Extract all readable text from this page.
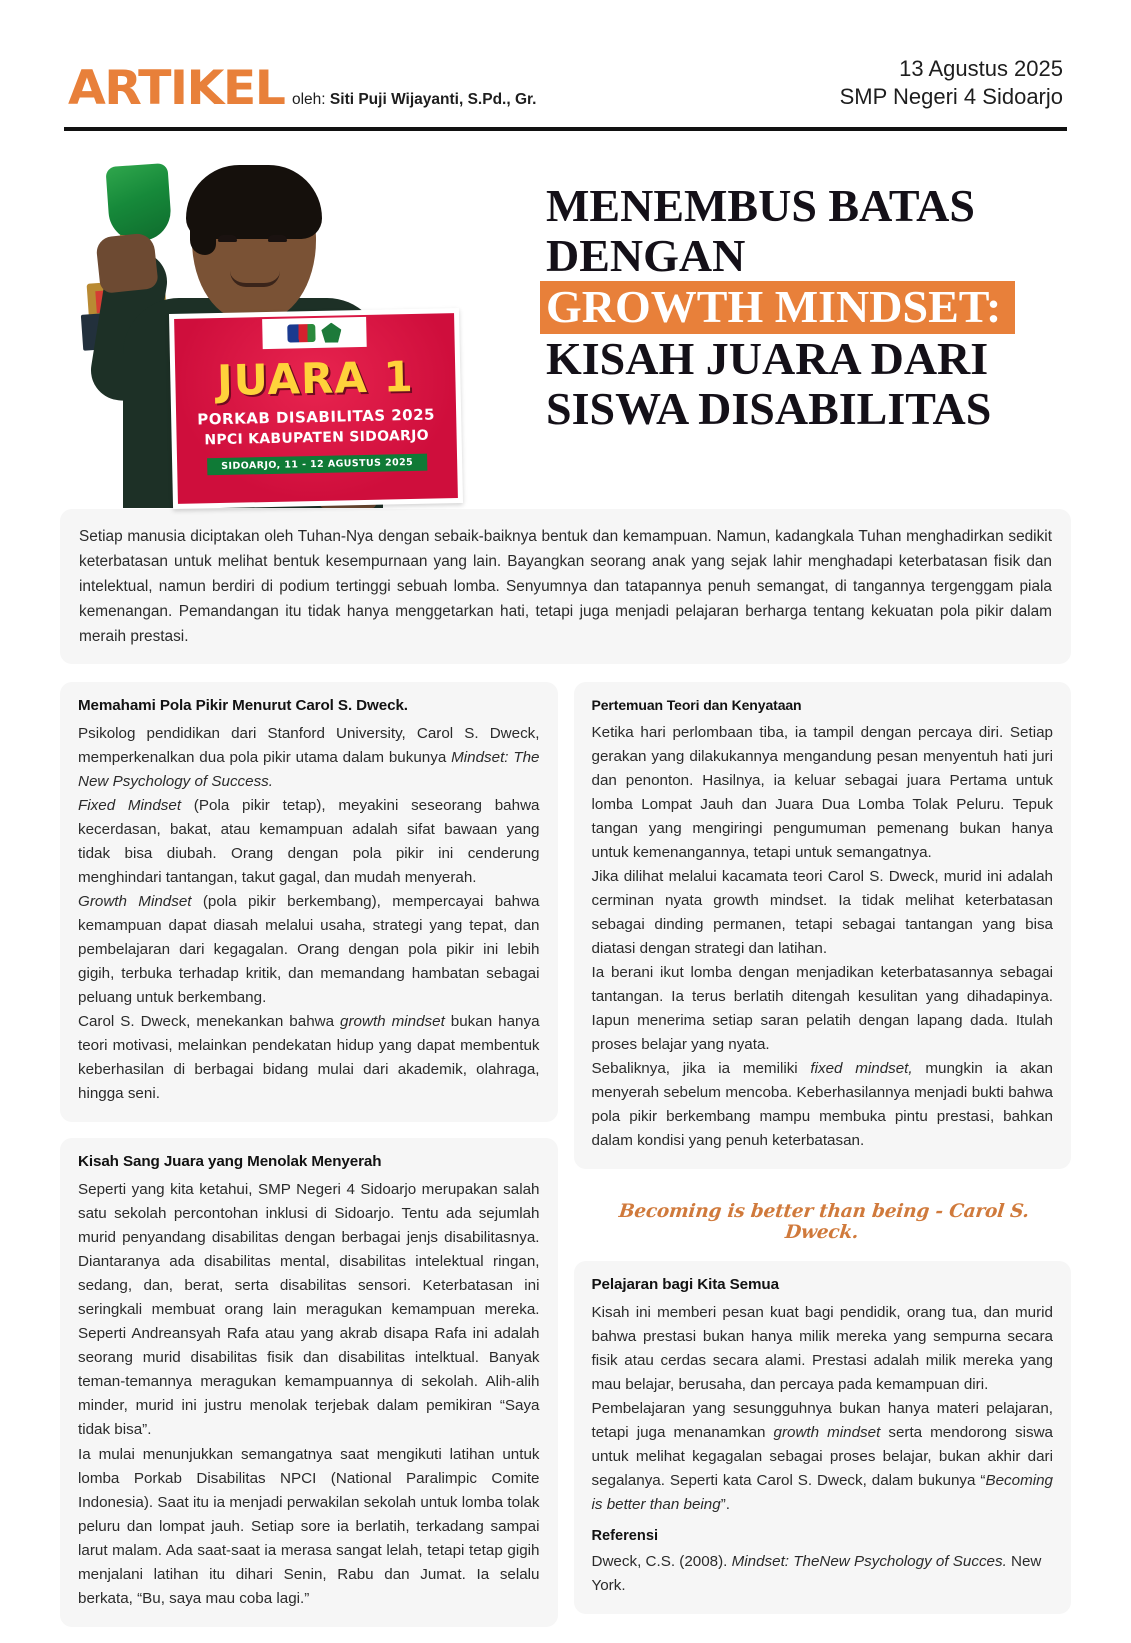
ARTIKEL oleh: Siti Puji Wijayanti, S.Pd., Gr.
13 Agustus 2025
SMP Negeri 4 Sidoarjo
JUARA 1
PORKAB DISABILITAS 2025
NPCI KABUPATEN SIDOARJO
SIDOARJO, 11 - 12 AGUSTUS 2025
MENEMBUS BATAS
DENGAN
GROWTH MINDSET:
KISAH JUARA DARI
SISWA DISABILITAS
Setiap manusia diciptakan oleh Tuhan-Nya dengan sebaik-baiknya bentuk dan kemampuan. Namun, kadangkala Tuhan menghadirkan sedikit keterbatasan untuk melihat bentuk kesempurnaan yang lain. Bayangkan seorang anak yang sejak lahir menghadapi keterbatasan fisik dan intelektual, namun berdiri di podium tertinggi sebuah lomba. Senyumnya dan tatapannya penuh semangat, di tangannya tergenggam piala kemenangan. Pemandangan itu tidak hanya menggetarkan hati, tetapi juga menjadi pelajaran berharga tentang kekuatan pola pikir dalam meraih prestasi.
Memahami Pola Pikir Menurut Carol S. Dweck.

Psikolog pendidikan dari Stanford University, Carol S. Dweck, memperkenalkan dua pola pikir utama dalam bukunya Mindset: The New Psychology of Success.

Fixed Mindset (Pola pikir tetap), meyakini seseorang bahwa kecerdasan, bakat, atau kemampuan adalah sifat bawaan yang tidak bisa diubah. Orang dengan pola pikir ini cenderung menghindari tantangan, takut gagal, dan mudah menyerah.

Growth Mindset (pola pikir berkembang), mempercayai bahwa kemampuan dapat diasah melalui usaha, strategi yang tepat, dan pembelajaran dari kegagalan. Orang dengan pola pikir ini lebih gigih, terbuka terhadap kritik, dan memandang hambatan sebagai peluang untuk berkembang.

Carol S. Dweck, menekankan bahwa growth mindset bukan hanya teori motivasi, melainkan pendekatan hidup yang dapat membentuk keberhasilan di berbagai bidang mulai dari akademik, olahraga, hingga seni.

Kisah Sang Juara yang Menolak Menyerah

Seperti yang kita ketahui, SMP Negeri 4 Sidoarjo merupakan salah satu sekolah percontohan inklusi di Sidoarjo. Tentu ada sejumlah murid penyandang disabilitas dengan berbagai jenjs disabilitasnya. Diantaranya ada disabilitas mental, disabilitas intelektual ringan, sedang, dan, berat, serta disabilitas sensori. Keterbatasan ini seringkali membuat orang lain meragukan kemampuan mereka. Seperti Andreansyah Rafa atau yang akrab disapa Rafa ini adalah seorang murid disabilitas fisik dan disabilitas intelktual. Banyak teman-temannya meragukan kemampuannya di sekolah. Alih-alih minder, murid ini justru menolak terjebak dalam pemikiran “Saya tidak bisa”.

Ia mulai menunjukkan semangatnya saat mengikuti latihan untuk lomba Porkab Disabilitas NPCI (National Paralimpic Comite Indonesia). Saat itu ia menjadi perwakilan sekolah untuk lomba tolak peluru dan lompat jauh. Setiap sore ia berlatih, terkadang sampai larut malam. Ada saat-saat ia merasa sangat lelah, tetapi tetap gigih menjalani latihan itu dihari Senin, Rabu dan Jumat. Ia selalu berkata, “Bu, saya mau coba lagi.”

Pertemuan Teori dan Kenyataan

Ketika hari perlombaan tiba, ia tampil dengan percaya diri. Setiap gerakan yang dilakukannya mengandung pesan menyentuh hati juri dan penonton. Hasilnya, ia keluar sebagai juara Pertama untuk lomba Lompat Jauh dan Juara Dua Lomba Tolak Peluru. Tepuk tangan yang mengiringi pengumuman pemenang bukan hanya untuk kemenangannya, tetapi untuk semangatnya.

Jika dilihat melalui kacamata teori Carol S. Dweck, murid ini adalah cerminan nyata growth mindset. Ia tidak melihat keterbatasan sebagai dinding permanen, tetapi sebagai tantangan yang bisa diatasi dengan strategi dan latihan.

Ia berani ikut lomba dengan menjadikan keterbatasannya sebagai tantangan. Ia terus berlatih ditengah kesulitan yang dihadapinya. Iapun menerima setiap saran pelatih dengan lapang dada. Itulah proses belajar yang nyata.

Sebaliknya, jika ia memiliki fixed mindset, mungkin ia akan menyerah sebelum mencoba. Keberhasilannya menjadi bukti bahwa pola pikir berkembang mampu membuka pintu prestasi, bahkan dalam kondisi yang penuh keterbatasan.

Becoming is better than being - Carol S. Dweck.
Pelajaran bagi Kita Semua

Kisah ini memberi pesan kuat bagi pendidik, orang tua, dan murid bahwa prestasi bukan hanya milik mereka yang sempurna secara fisik atau cerdas secara alami. Prestasi adalah milik mereka yang mau belajar, berusaha, dan percaya pada kemampuan diri.

Pembelajaran yang sesungguhnya bukan hanya materi pelajaran, tetapi juga menanamkan growth mindset serta mendorong siswa untuk melihat kegagalan sebagai proses belajar, bukan akhir dari segalanya. Seperti kata Carol S. Dweck, dalam bukunya “Becoming is better than being”.

Referensi

Dweck, C.S. (2008). Mindset: TheNew Psychology of Succes. New York.
